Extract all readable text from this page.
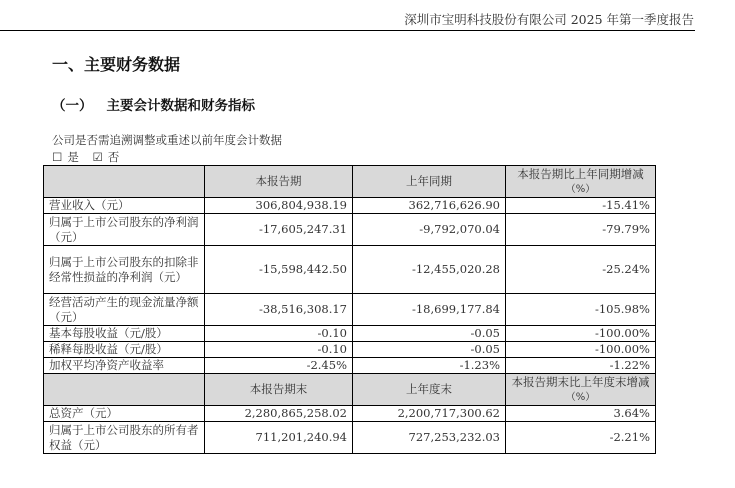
深圳市宝明科技股份有限公司 2025 年第一季度报告
一、主要财务数据
（一） 主要会计数据和财务指标
公司是否需追溯调整或重述以前年度会计数据
☐ 是 ☑ 否
	本报告期	上年同期	本报告期比上年同期增减
（%）

营业收入（元）	306,804,938.19	362,716,626.90	-15.41%
归属于上市公司股东的净利润（元）	-17,605,247.31	-9,792,070.04	-79.79%
归属于上市公司股东的扣除非经常性损益的净利润（元）	-15,598,442.50	-12,455,020.28	-25.24%
经营活动产生的现金流量净额（元）	-38,516,308.17	-18,699,177.84	-105.98%
基本每股收益（元/股）	-0.10	-0.05	-100.00%
稀释每股收益（元/股）	-0.10	-0.05	-100.00%
加权平均净资产收益率	-2.45%	-1.23%	-1.22%
	本报告期末	上年度末	本报告期末比上年度末增减
（%）

总资产（元）	2,280,865,258.02	2,200,717,300.62	3.64%
归属于上市公司股东的所有者权益（元）	711,201,240.94	727,253,232.03	-2.21%
